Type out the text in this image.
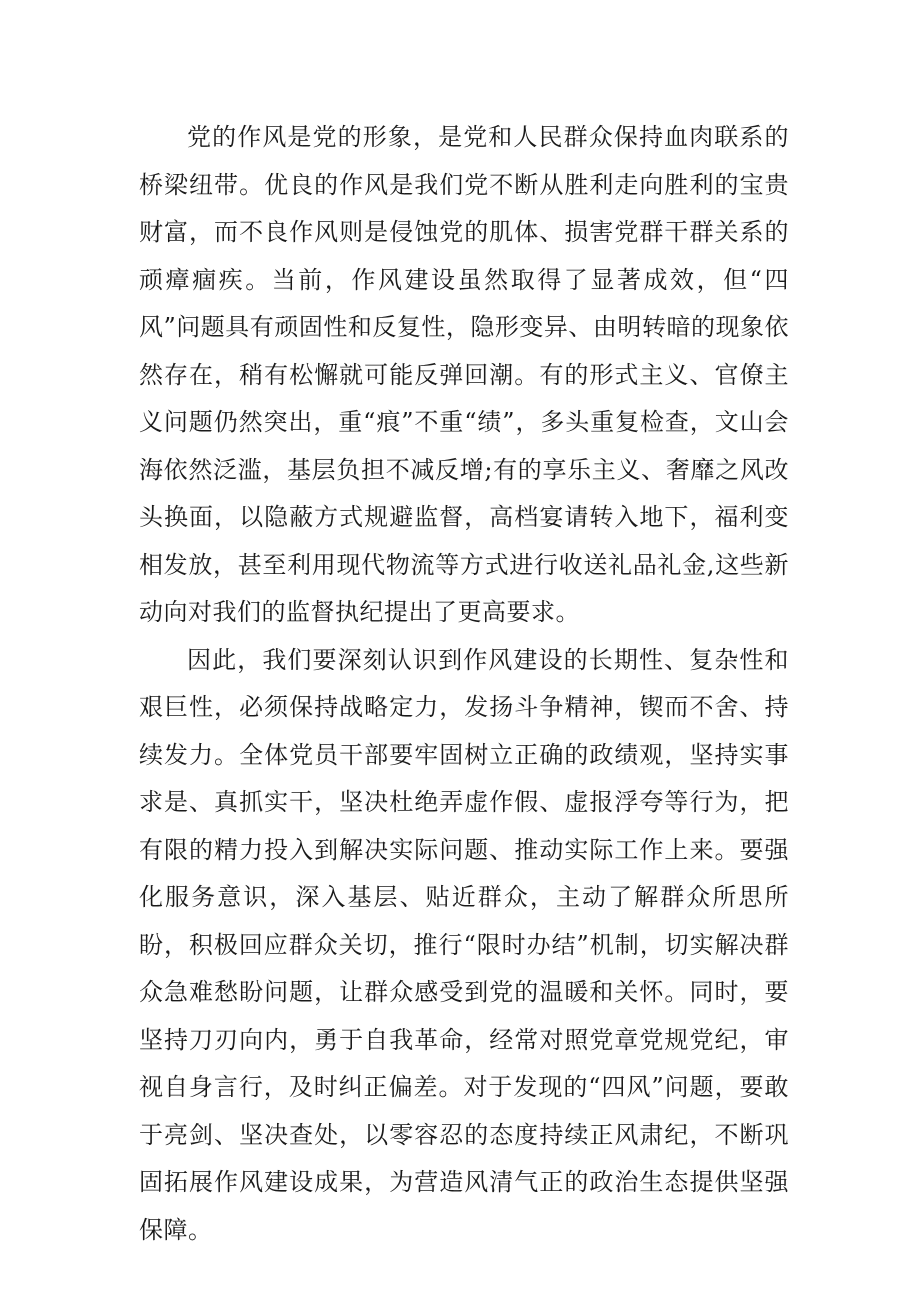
党的作风是党的形象，是党和人民群众保持血肉联系的桥梁纽带。优良的作风是我们党不断从胜利走向胜利的宝贵财富，而不良作风则是侵蚀党的肌体、损害党群干群关系的顽瘴痼疾。当前，作风建设虽然取得了显著成效，但“四风”问题具有顽固性和反复性，隐形变异、由明转暗的现象依然存在，稍有松懈就可能反弹回潮。有的形式主义、官僚主义问题仍然突出，重“痕”不重“绩”，多头重复检查，文山会海依然泛滥，基层负担不减反增;有的享乐主义、奢靡之风改头换面，以隐蔽方式规避监督，高档宴请转入地下，福利变相发放，甚至利用现代物流等方式进行收送礼品礼金,这些新动向对我们的监督执纪提出了更高要求。

因此，我们要深刻认识到作风建设的长期性、复杂性和艰巨性，必须保持战略定力，发扬斗争精神，锲而不舍、持续发力。全体党员干部要牢固树立正确的政绩观，坚持实事求是、真抓实干，坚决杜绝弄虚作假、虚报浮夸等行为，把有限的精力投入到解决实际问题、推动实际工作上来。要强化服务意识，深入基层、贴近群众，主动了解群众所思所盼，积极回应群众关切，推行“限时办结”机制，切实解决群众急难愁盼问题，让群众感受到党的温暖和关怀。同时，要坚持刀刃向内，勇于自我革命，经常对照党章党规党纪，审视自身言行，及时纠正偏差。对于发现的“四风”问题，要敢于亮剑、坚决查处，以零容忍的态度持续正风肃纪，不断巩固拓展作风建设成果，为营造风清气正的政治生态提供坚强保障。
